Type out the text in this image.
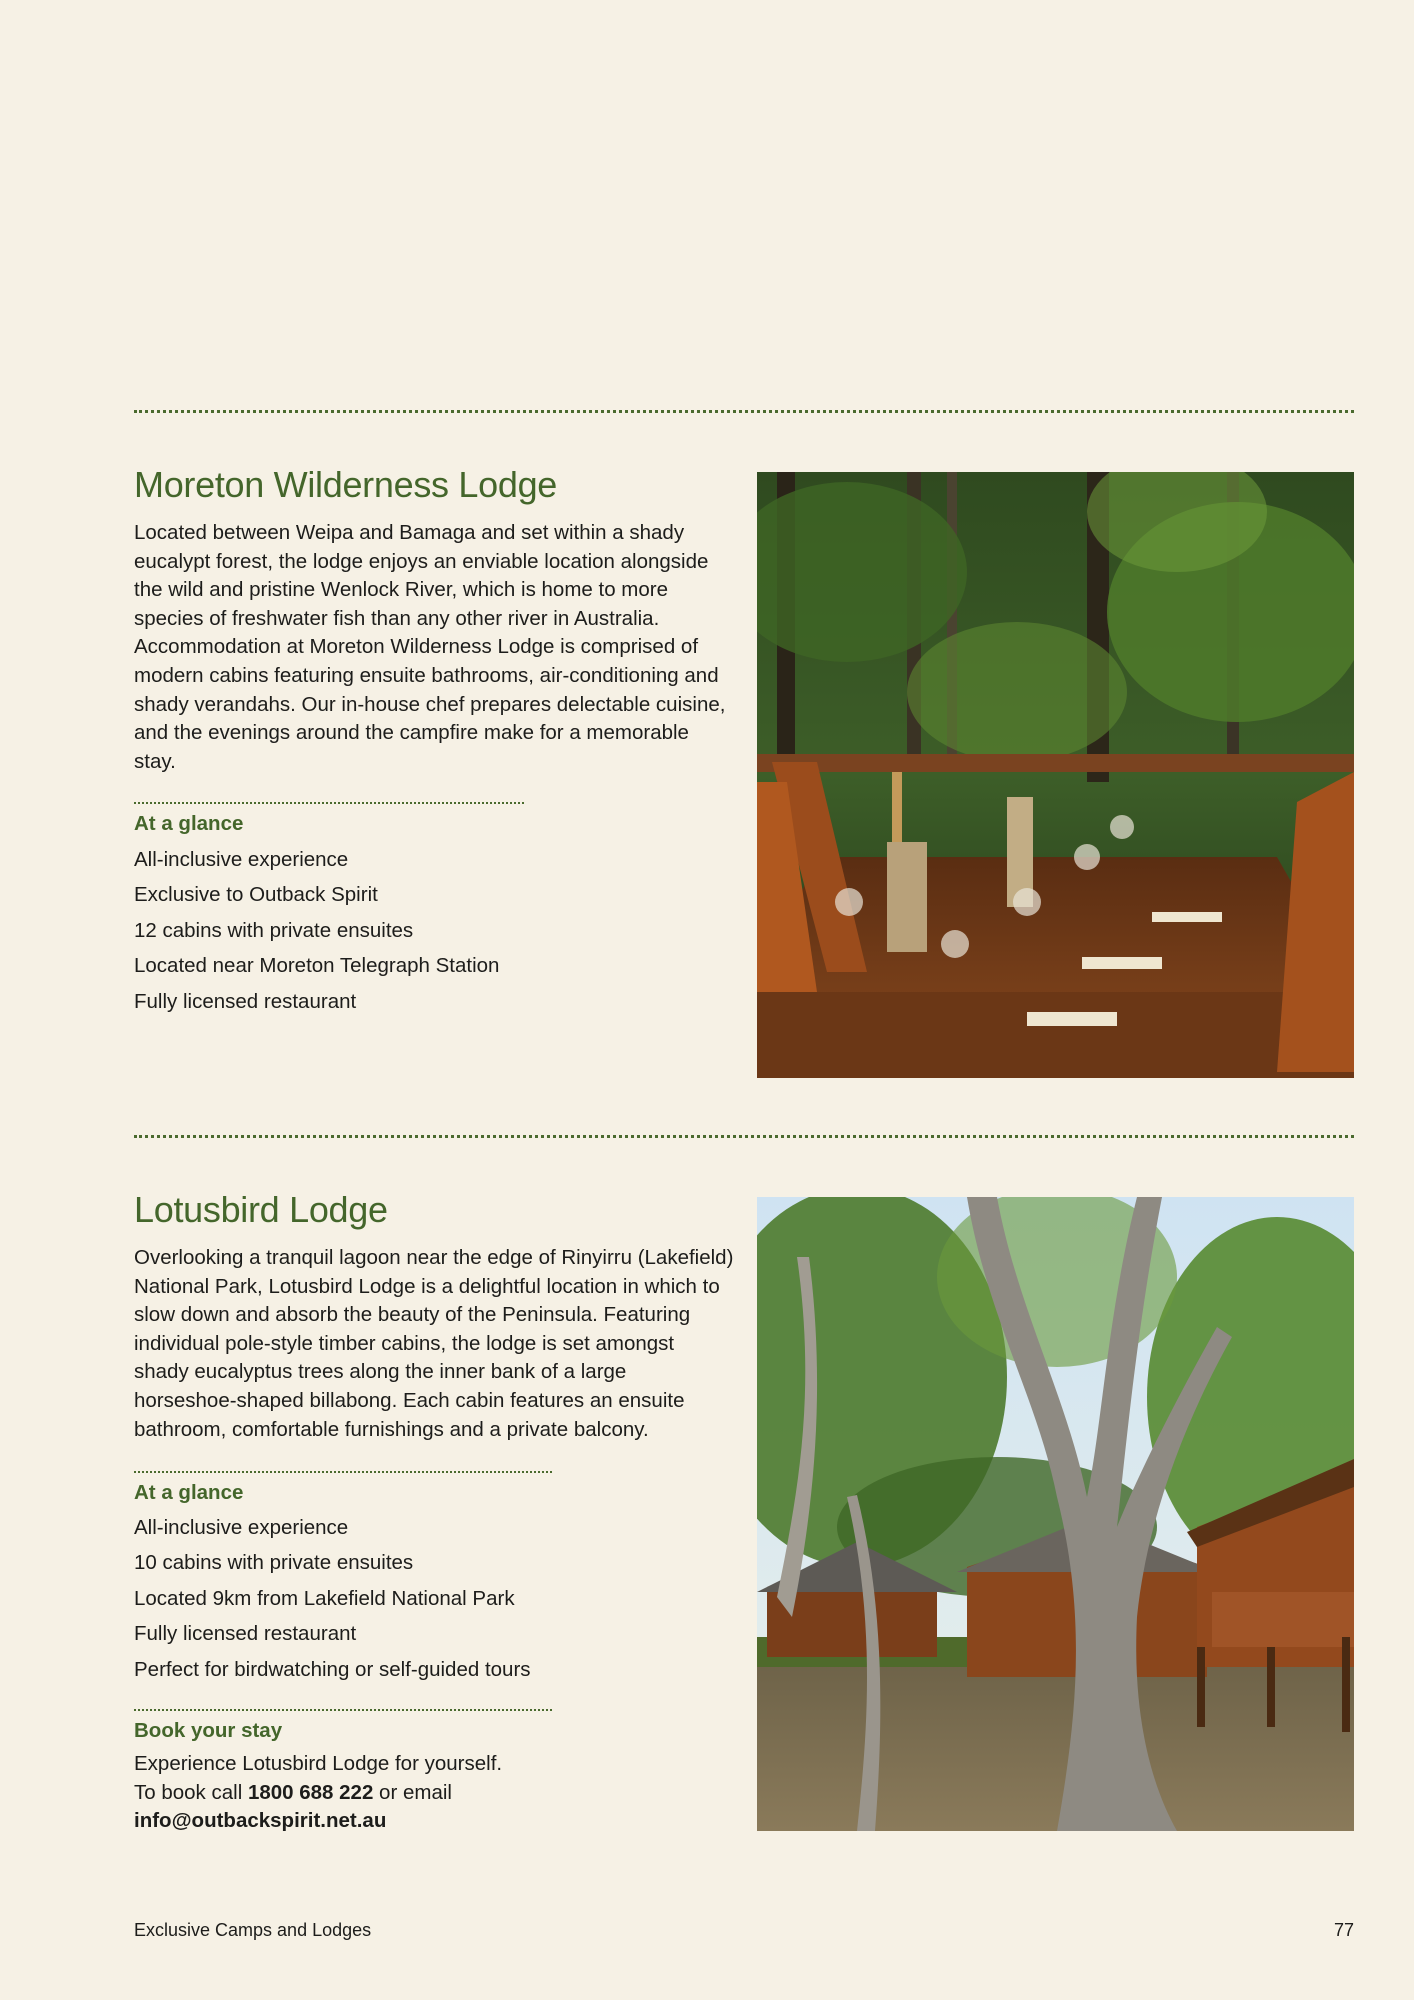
Moreton Wilderness Lodge

Located between Weipa and Bamaga and set within a shady eucalypt forest, the lodge enjoys an enviable location alongside the wild and pristine Wenlock River, which is home to more species of freshwater fish than any other river in Australia. Accommodation at Moreton Wilderness Lodge is comprised of modern cabins featuring ensuite bathrooms, air-conditioning and shady verandahs. Our in-house chef prepares delectable cuisine, and the evenings around the campfire make for a memorable stay.

At a glance
All-inclusive experience
Exclusive to Outback Spirit
12 cabins with private ensuites
Located near Moreton Telegraph Station
Fully licensed restaurant
Lotusbird Lodge

Overlooking a tranquil lagoon near the edge of Rinyirru (Lakefield) National Park, Lotusbird Lodge is a delightful location in which to slow down and absorb the beauty of the Peninsula. Featuring individual pole-style timber cabins, the lodge is set amongst shady eucalyptus trees along the inner bank of a large horseshoe-shaped billabong. Each cabin features an ensuite bathroom, comfortable furnishings and a private balcony.

At a glance
All-inclusive experience
10 cabins with private ensuites
Located 9km from Lakefield National Park
Fully licensed restaurant
Perfect for birdwatching or self-guided tours
Book your stay

Experience Lotusbird Lodge for yourself.
To book call 1800 688 222 or email
info@outbackspirit.net.au

Exclusive Camps and Lodges	77
